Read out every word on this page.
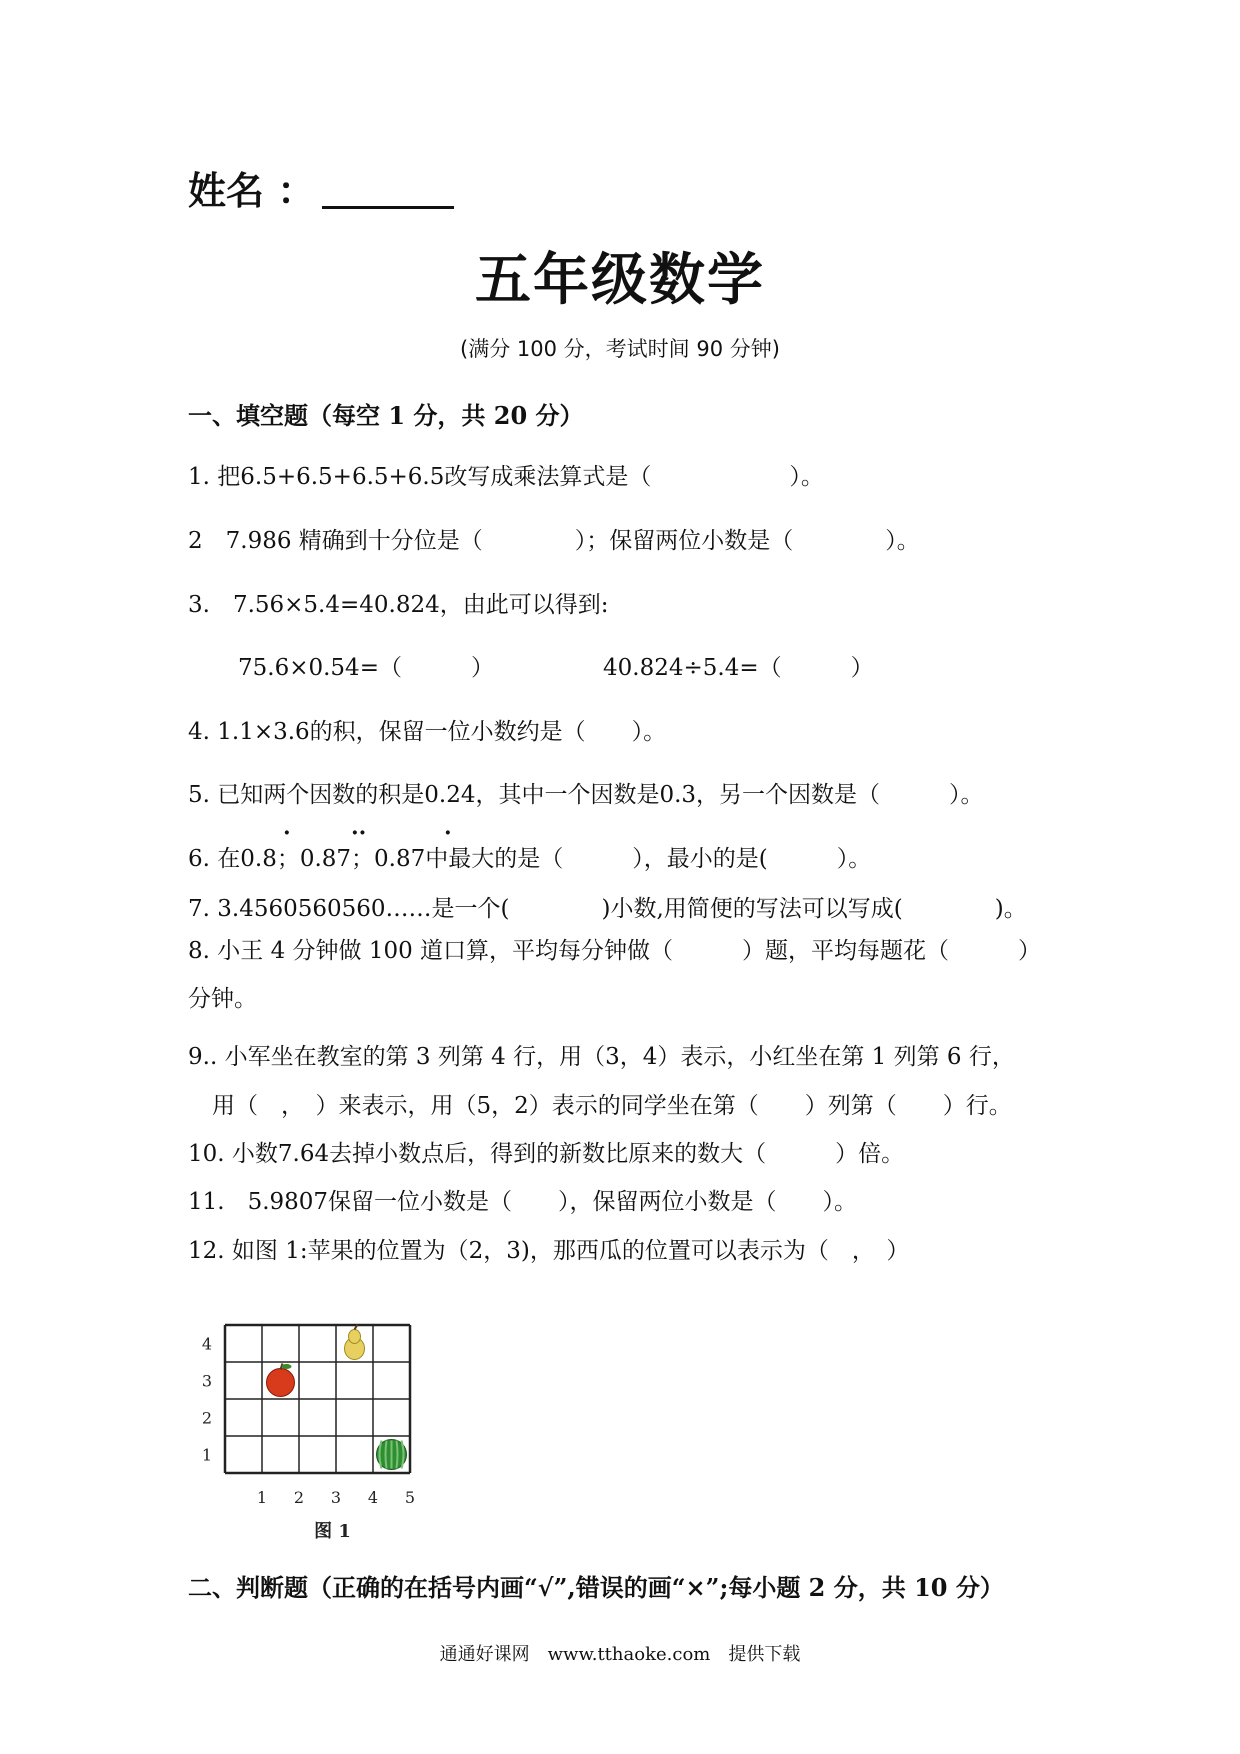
姓名 ：
五年级数学
(满分 100 分，考试时间 90 分钟)
一、填空题（每空 1 分，共 20 分）
1. 把6.5+6.5+6.5+6.5改写成乘法算式是（　　　　　　）。
2　7.986 精确到十分位是（　　　　）；保留两位小数是（　　　　）。
3.　7.56×5.4=40.824，由此可以得到:
75.6×0.54=（　　　）	40.824÷5.4=（　　　）
4. 1.1×3.6的积，保留一位小数约是（　　）。
5. 已知两个因数的积是0.24，其中一个因数是0.3，另一个因数是（　　　）。
·	··	·
6. 在0.8；0.87；0.87中最大的是（　　　），最小的是(　　　）。
7. 3.4560560560……是一个(　　　　)小数,用简便的写法可以写成(　　　　)。
8. 小王 4 分钟做 100 道口算，平均每分钟做（　　　）题，平均每题花（　　　）
分钟。
9.. 小军坐在教室的第 3 列第 4 行，用（3，4）表示，小红坐在第 1 列第 6 行，
用（　，　）来表示，用（5，2）表示的同学坐在第（　　）列第（　　）行。
10. 小数7.64去掉小数点后，得到的新数比原来的数大（　　　）倍。
11.　5.9807保留一位小数是（　　），保留两位小数是（　　）。
12. 如图 1:苹果的位置为（2，3)，那西瓜的位置可以表示为（　，　）
4
3
2
1
1 2 3 4 5
图 1
二、判断题（正确的在括号内画“√”,错误的画“×”;每小题 2 分，共 10 分）
通通好课网　www.tthaoke.com　提供下载
